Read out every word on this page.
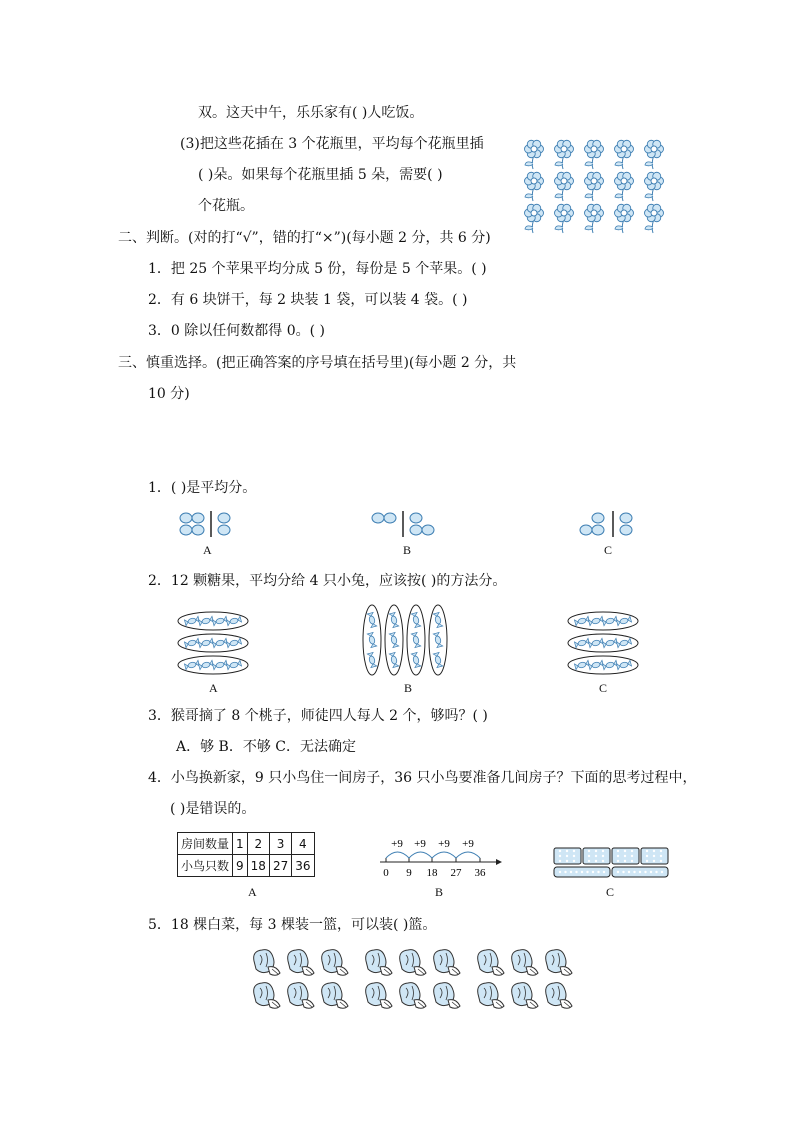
双。这天中午，乐乐家有( )人吃饭。
(3)把这些花插在 3 个花瓶里，平均每个花瓶里插
( )朵。如果每个花瓶里插 5 朵，需要( )
个花瓶。
二、判断。(对的打“√”，错的打“×”)(每小题 2 分，共 6 分)
1．把 25 个苹果平均分成 5 份，每份是 5 个苹果。( )
2．有 6 块饼干，每 2 块装 1 袋，可以装 4 袋。( )
3．0 除以任何数都得 0。( )
三、慎重选择。(把正确答案的序号填在括号里)(每小题 2 分，共
10 分)
1．( )是平均分。
A	B	C
2．12 颗糖果，平均分给 4 只小兔，应该按( )的方法分。
A	B	C
3．猴哥摘了 8 个桃子，师徒四人每人 2 个，够吗？( )
A．够 B．不够 C．无法确定
4．小鸟换新家，9 只小鸟住一间房子，36 只小鸟要准备几间房子？下面的思考过程中，
( )是错误的。
房间数量	1	2	3	4
小鸟只数	9	18	27	36
A
+9 +9 +9 +9
0 9 18 27 36
B	C
5．18 棵白菜，每 3 棵装一篮，可以装( )篮。
